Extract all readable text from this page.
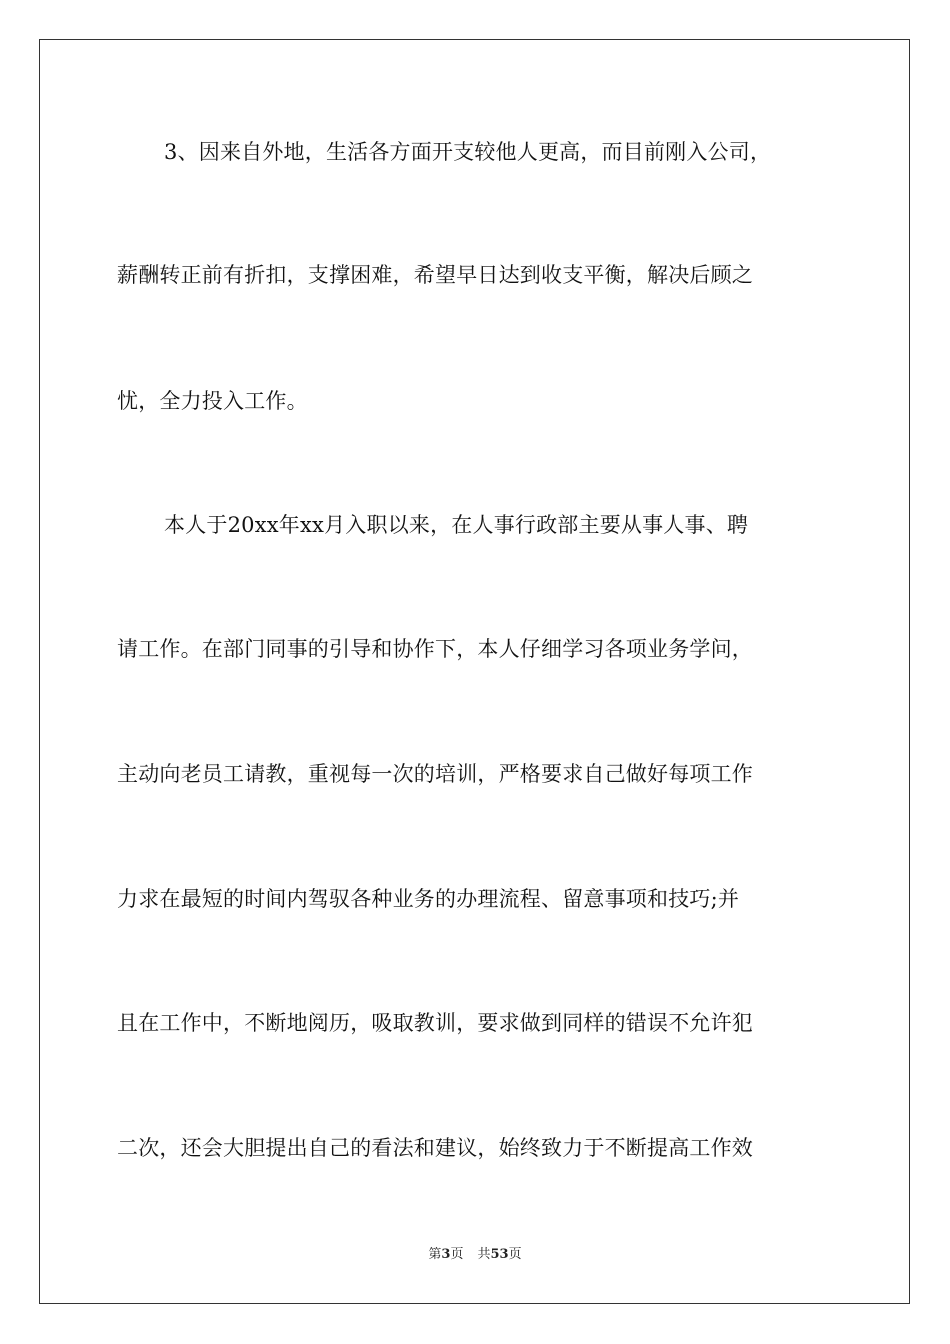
3、因来自外地，生活各方面开支较他人更高，而目前刚入公司，
薪酬转正前有折扣，支撑困难，希望早日达到收支平衡，解决后顾之
忧，全力投入工作。
本人于20xx年xx月入职以来，在人事行政部主要从事人事、聘
请工作。在部门同事的引导和协作下，本人仔细学习各项业务学问，
主动向老员工请教，重视每一次的培训，严格要求自己做好每项工作
力求在最短的时间内驾驭各种业务的办理流程、留意事项和技巧;并
且在工作中，不断地阅历，吸取教训，要求做到同样的错误不允许犯
二次，还会大胆提出自己的看法和建议，始终致力于不断提高工作效
第3页 共53页
